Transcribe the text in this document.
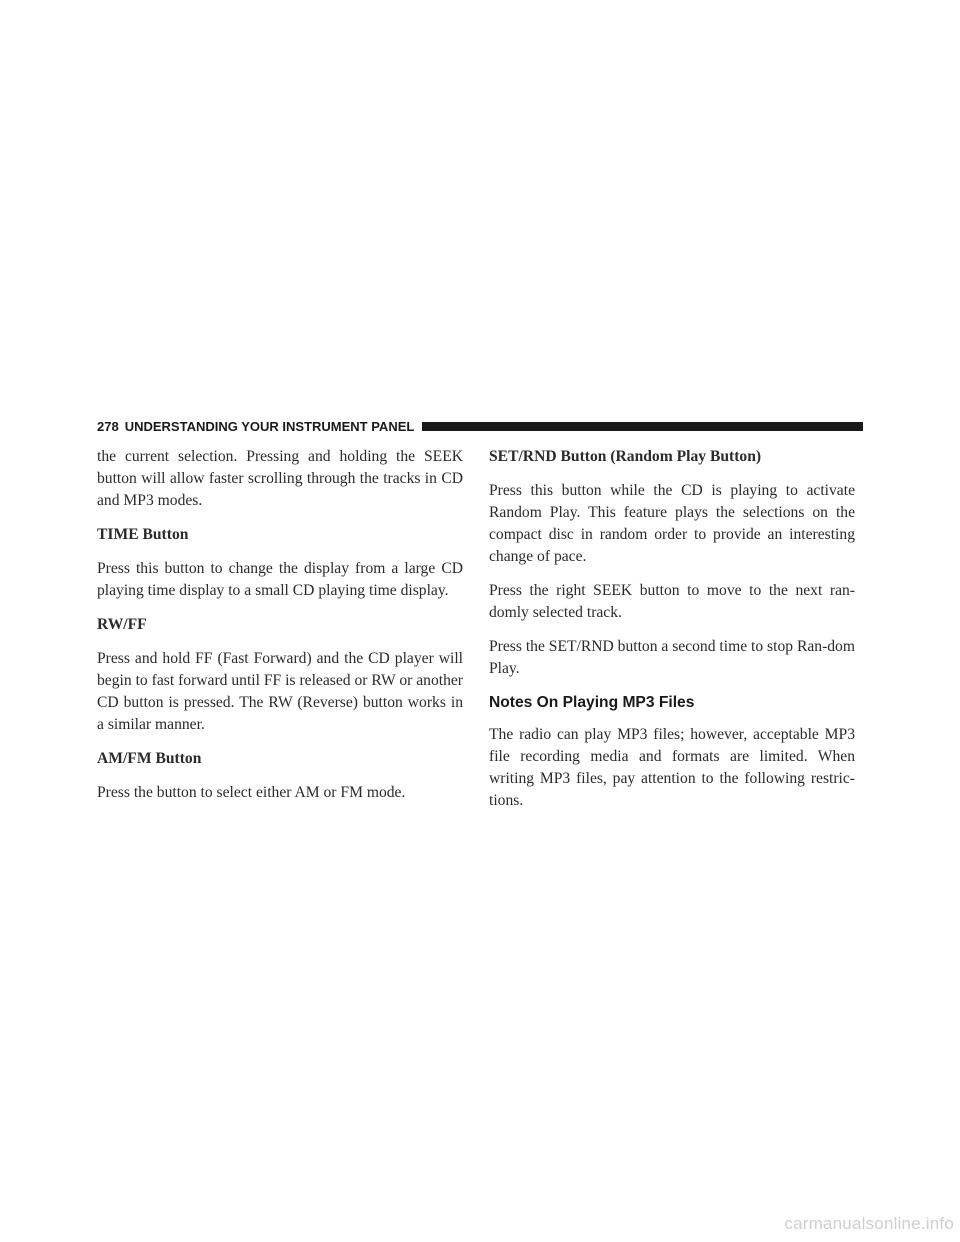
278 UNDERSTANDING YOUR INSTRUMENT PANEL

the current selection. Pressing and holding the SEEK button will allow faster scrolling through the tracks in CD and MP3 modes.

TIME Button

Press this button to change the display from a large CD playing time display to a small CD playing time display.

RW/FF

Press and hold FF (Fast Forward) and the CD player will begin to fast forward until FF is released or RW or another CD button is pressed. The RW (Reverse) button works in a similar manner.

AM/FM Button

Press the button to select either AM or FM mode.

SET/RND Button (Random Play Button)

Press this button while the CD is playing to activate Random Play. This feature plays the selections on the compact disc in random order to provide an interesting change of pace.

Press the right SEEK button to move to the next ran-domly selected track.

Press the SET/RND button a second time to stop Ran-dom Play.

Notes On Playing MP3 Files

The radio can play MP3 files; however, acceptable MP3 file recording media and formats are limited. When writing MP3 files, pay attention to the following restric-tions.

carmanualsonline.info
